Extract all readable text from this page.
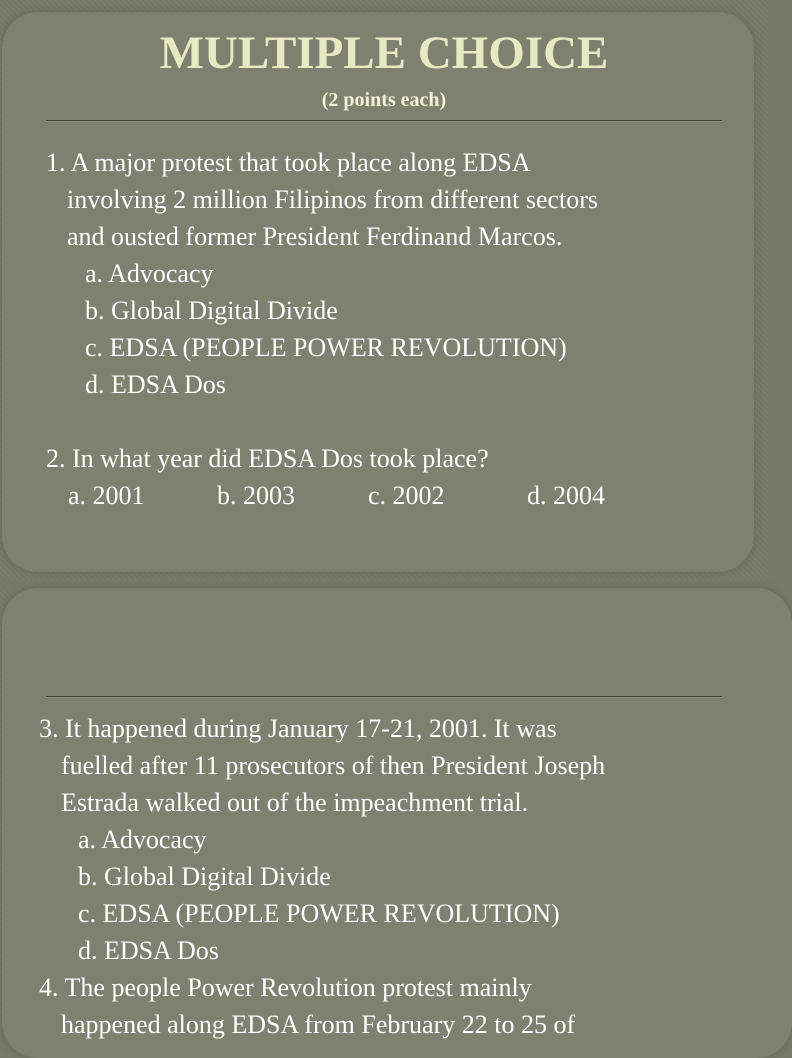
MULTIPLE CHOICE
(2 points each)
1. A major protest that took place along EDSA
involving 2 million Filipinos from different sectors
and ousted former President Ferdinand Marcos.
a. Advocacy
b. Global Digital Divide
c. EDSA (PEOPLE POWER REVOLUTION)
d. EDSA Dos
2. In what year did EDSA Dos took place?
a. 2001	b. 2003	c. 2002	d. 2004
3. It happened during January 17-21, 2001. It was
fuelled after 11 prosecutors of then President Joseph
Estrada walked out of the impeachment trial.
a. Advocacy
b. Global Digital Divide
c. EDSA (PEOPLE POWER REVOLUTION)
d. EDSA Dos
4. The people Power Revolution protest mainly
happened along EDSA from February 22 to 25 of
